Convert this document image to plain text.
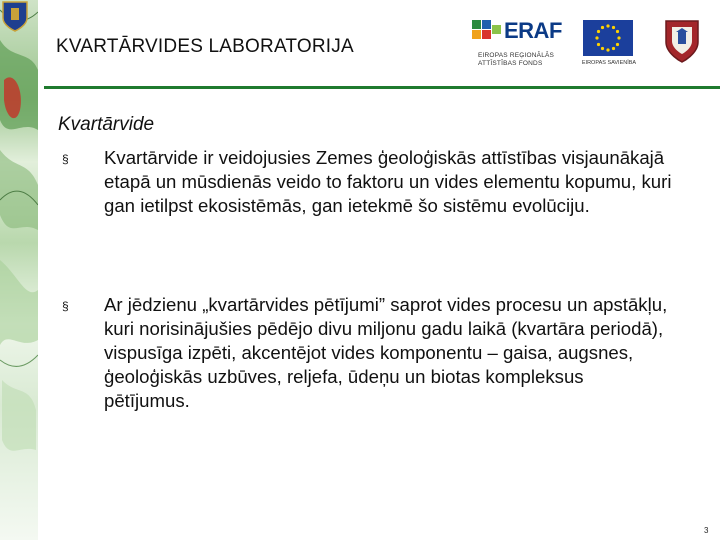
KVARTĀRVIDES LABORATORIJA
ERAF
EIROPAS REĢIONĀLĀS
ATTĪSTĪBAS FONDS	EIROPAS SAVIENĪBA
Kvartārvide
§ Kvartārvide ir veidojusies Zemes ģeoloģiskās attīstības visjaunākajā etapā un mūsdienās veido to faktoru un vides elementu kopumu, kuri gan ietilpst ekosistēmās, gan ietekmē šo sistēmu evolūciju.
§ Ar jēdzienu „kvartārvides pētījumi” saprot vides procesu un apstākļu, kuri norisinājušies pēdējo divu miljonu gadu laikā (kvartāra periodā), vispusīga izpēti, akcentējot vides komponentu – gaisa, augsnes, ģeoloģiskās uzbūves, reljefa, ūdeņu un biotas kompleksus pētījumus.
3
